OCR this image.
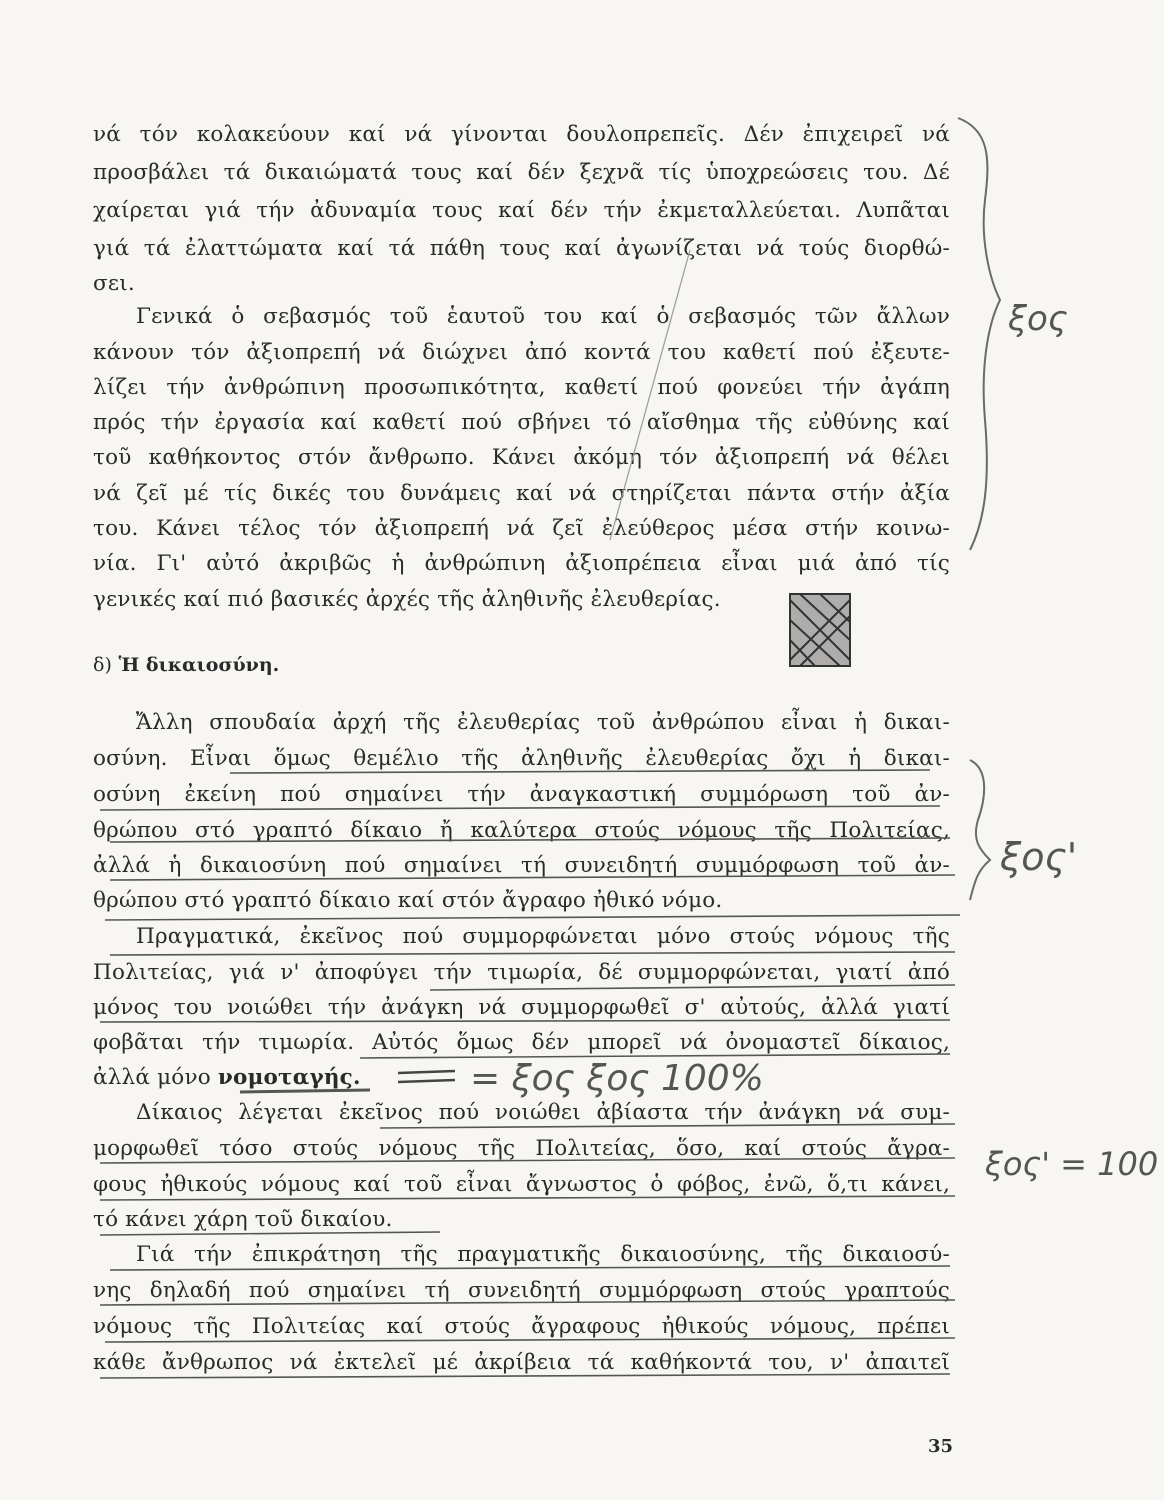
νά τόν κολακεύουν καί νά γίνονται δουλοπρεπεῖς. Δέν ἐπιχειρεῖ νά
προσβάλει τά δικαιώματά τους καί δέν ξεχνᾶ τίς ὑποχρεώσεις του. Δέ
χαίρεται γιά τήν ἀδυναμία τους καί δέν τήν ἐκμεταλλεύεται. Λυπᾶται
γιά τά ἐλαττώματα καί τά πάθη τους καί ἀγωνίζεται νά τούς διορθώ-
σει.
Γενικά ὁ σεβασμός τοῦ ἑαυτοῦ του καί ὁ σεβασμός τῶν ἄλλων
κάνουν τόν ἀξιοπρεπή νά διώχνει ἀπό κοντά του καθετί πού ἐξευτε-
λίζει τήν ἀνθρώπινη προσωπικότητα, καθετί πού φονεύει τήν ἀγάπη
πρός τήν ἐργασία καί καθετί πού σβήνει τό αἴσθημα τῆς εὐθύνης καί
τοῦ καθήκοντος στόν ἄνθρωπο. Κάνει ἀκόμη τόν ἀξιοπρεπή νά θέλει
νά ζεῖ μέ τίς δικές του δυνάμεις καί νά στηρίζεται πάντα στήν ἀξία
του. Κάνει τέλος τόν ἀξιοπρεπή νά ζεῖ ἐλεύθερος μέσα στήν κοινω-
νία. Γι' αὐτό ἀκριβῶς ἡ ἀνθρώπινη ἀξιοπρέπεια εἶναι μιά ἀπό τίς
γενικές καί πιό βασικές ἀρχές τῆς ἀληθινῆς ἐλευθερίας.
δ) Ἡ δικαιοσύνη.
Ἄλλη σπουδαία ἀρχή τῆς ἐλευθερίας τοῦ ἀνθρώπου εἶναι ἡ δικαι-
οσύνη. Εἶναι ὅμως θεμέλιο τῆς ἀληθινῆς ἐλευθερίας ὄχι ἡ δικαι-
οσύνη ἐκείνη πού σημαίνει τήν ἀναγκαστική συμμόρωση τοῦ ἀν-
θρώπου στό γραπτό δίκαιο ἤ καλύτερα στούς νόμους τῆς Πολιτείας,
ἀλλά ἡ δικαιοσύνη πού σημαίνει τή συνειδητή συμμόρφωση τοῦ ἀν-
θρώπου στό γραπτό δίκαιο καί στόν ἄγραφο ἠθικό νόμο.
Πραγματικά, ἐκεῖνος πού συμμορφώνεται μόνο στούς νόμους τῆς
Πολιτείας, γιά ν' ἀποφύγει τήν τιμωρία, δέ συμμορφώνεται, γιατί ἀπό
μόνος του νοιώθει τήν ἀνάγκη νά συμμορφωθεῖ σ' αὐτούς, ἀλλά γιατί
φοβᾶται τήν τιμωρία. Αὐτός ὅμως δέν μπορεῖ νά ὀνομαστεῖ δίκαιος,
ἀλλά μόνο νομοταγής.
Δίκαιος λέγεται ἐκεῖνος πού νοιώθει ἀβίαστα τήν ἀνάγκη νά συμ-
μορφωθεῖ τόσο στούς νόμους τῆς Πολιτείας, ὅσο, καί στούς ἄγρα-
φους ἠθικούς νόμους καί τοῦ εἶναι ἄγνωστος ὁ φόβος, ἐνῶ, ὅ,τι κάνει,
τό κάνει χάρη τοῦ δικαίου.
Γιά τήν ἐπικράτηση τῆς πραγματικῆς δικαιοσύνης, τῆς δικαιοσύ-
νης δηλαδή πού σημαίνει τή συνειδητή συμμόρφωση στούς γραπτούς
νόμους τῆς Πολιτείας καί στούς ἄγραφους ἠθικούς νόμους, πρέπει
κάθε ἄνθρωπος νά ἐκτελεῖ μέ ἀκρίβεια τά καθήκοντά του, ν' ἀπαιτεῖ
35
ξος
ξος'
= ξος ξος 100%
ξος' = 100
